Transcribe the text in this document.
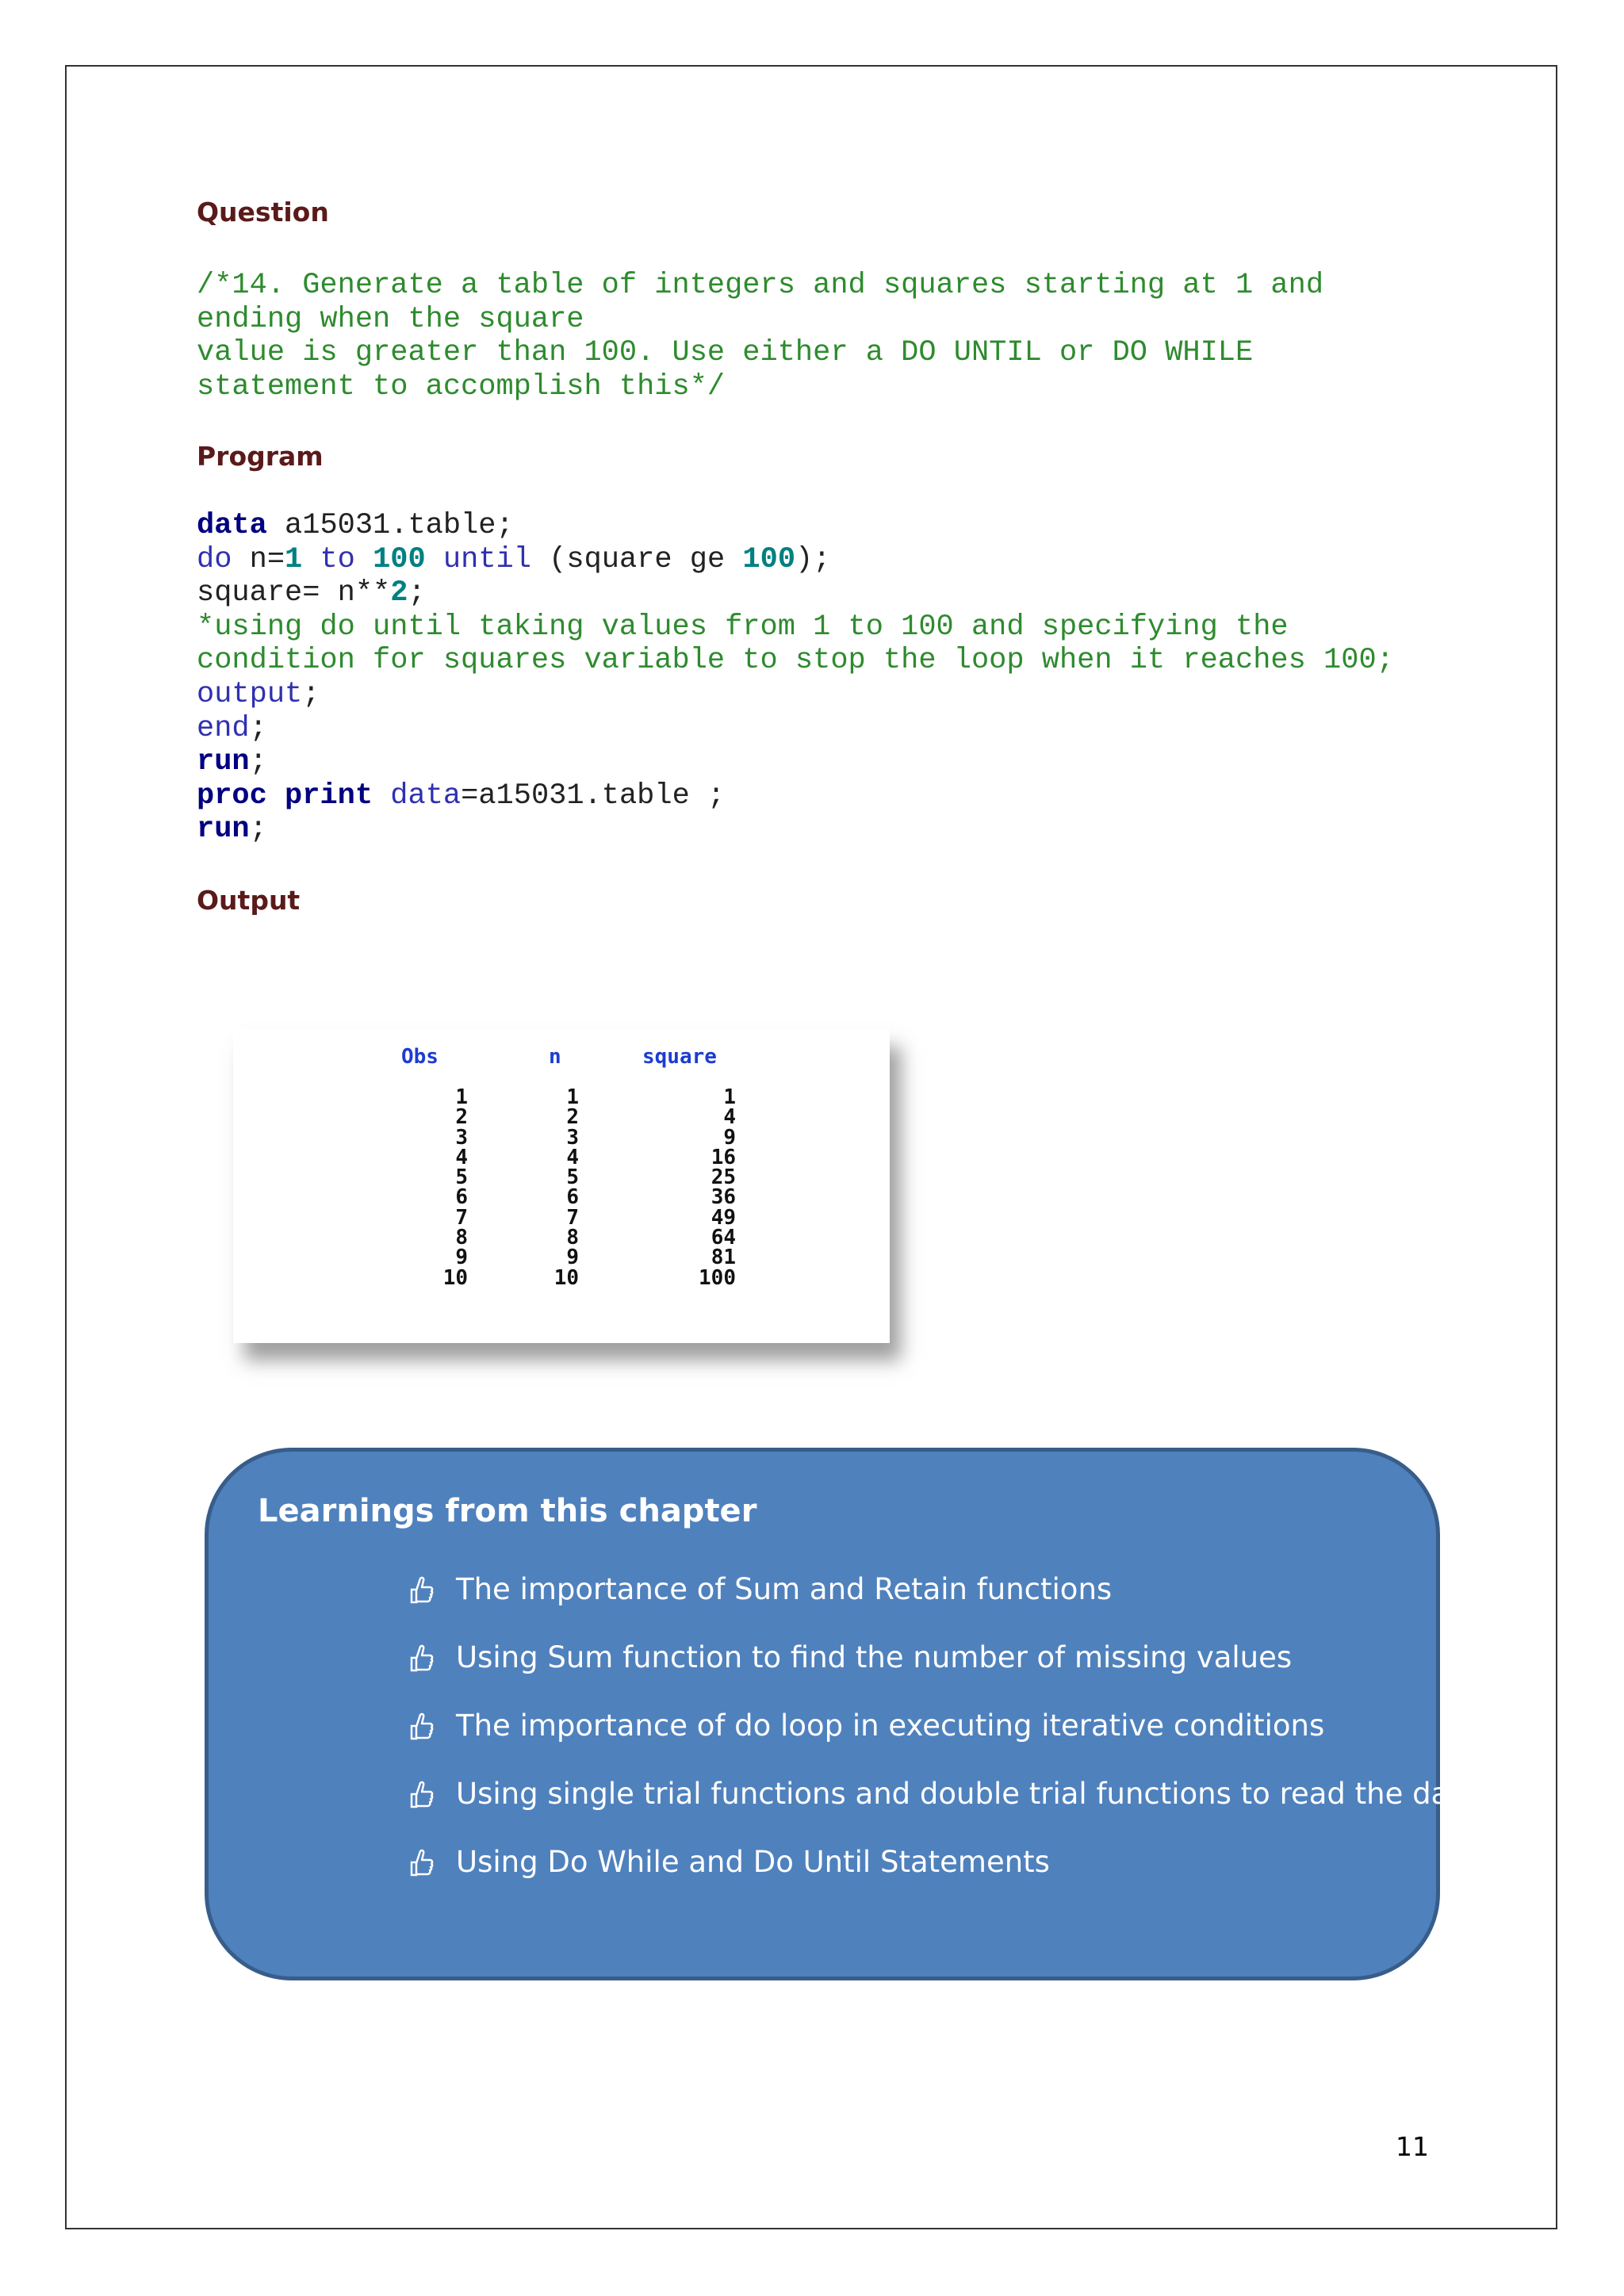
Question
/*14. Generate a table of integers and squares starting at 1 and
ending when the square
value is greater than 100. Use either a DO UNTIL or DO WHILE
statement to accomplish this*/
Program
data a15031.table;
do n=1 to 100 until (square ge 100);
square= n**2;
*using do until taking values from 1 to 100 and specifying the
condition for squares variable to stop the loop when it reaches 100;
output;
end;
run;
proc print data=a15031.table ;
run;
Output
Obs	n	square
1
2
3
4
5
6
7
8
9
10
1
2
3
4
5
6
7
8
9
10
1
4
9
16
25
36
49
64
81
100
Learnings from this chapter
The importance of Sum and Retain functions
Using Sum function to find the number of missing values
The importance of do loop in executing iterative conditions
Using single trial functions and double trial functions to read the data
Using Do While and Do Until Statements
11
